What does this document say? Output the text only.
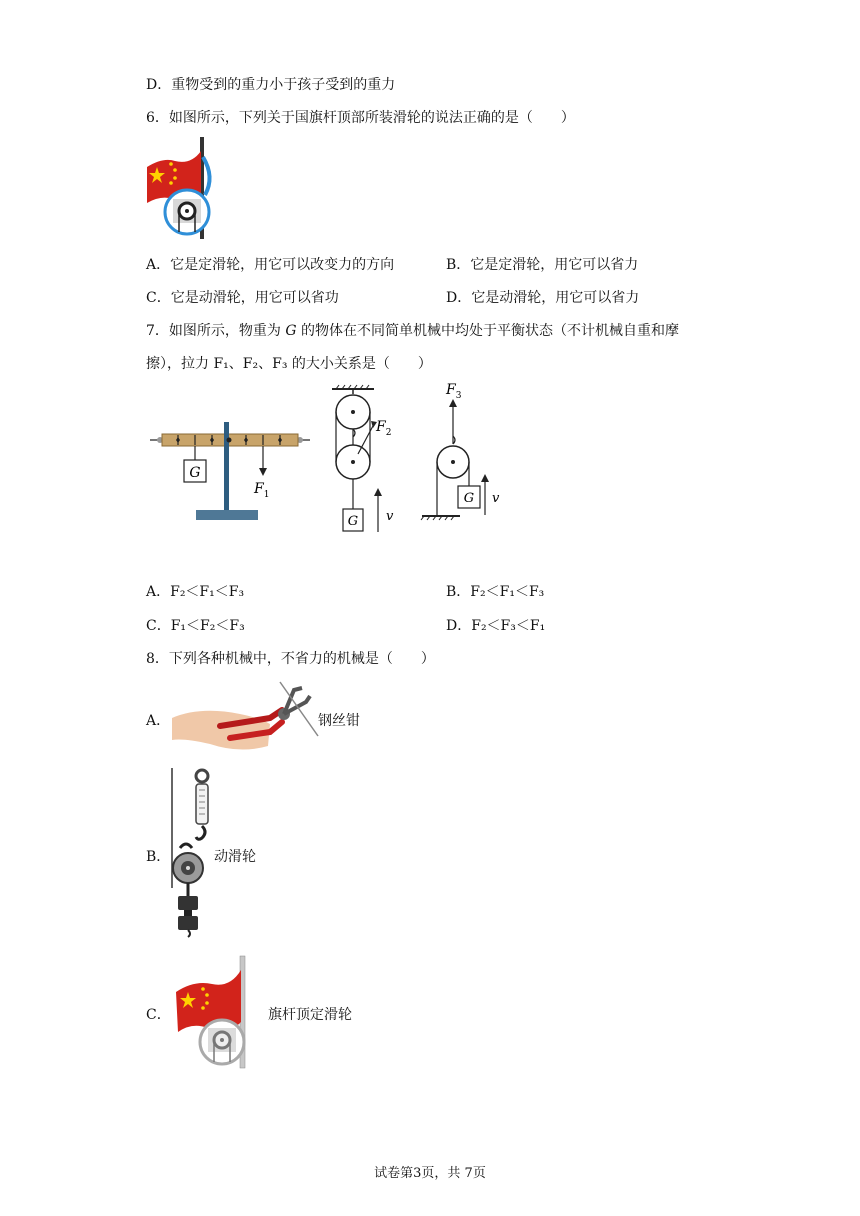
D．重物受到的重力小于孩子受到的重力
6．如图所示，下列关于国旗杆顶部所装滑轮的说法正确的是（　　）
A．它是定滑轮，用它可以改变力的方向	B．它是定滑轮，用它可以省力
C．它是动滑轮，用它可以省功	D．它是动滑轮，用它可以省力
7．如图所示，物重为 G 的物体在不同简单机械中均处于平衡状态（不计机械自重和摩
擦），拉力 F₁、F₂、F₃ 的大小关系是（　　）
G
$F_1$
$F_2$
G v
$F_3$
G v
A．F₂＜F₁＜F₃	B．F₂＜F₁＜F₃
C．F₁＜F₂＜F₃	D．F₂＜F₃＜F₁
8．下列各种机械中，不省力的机械是（　　）
A．	钢丝钳
B．	动滑轮
C．	旗杆顶定滑轮
试卷第3页，共 7页
